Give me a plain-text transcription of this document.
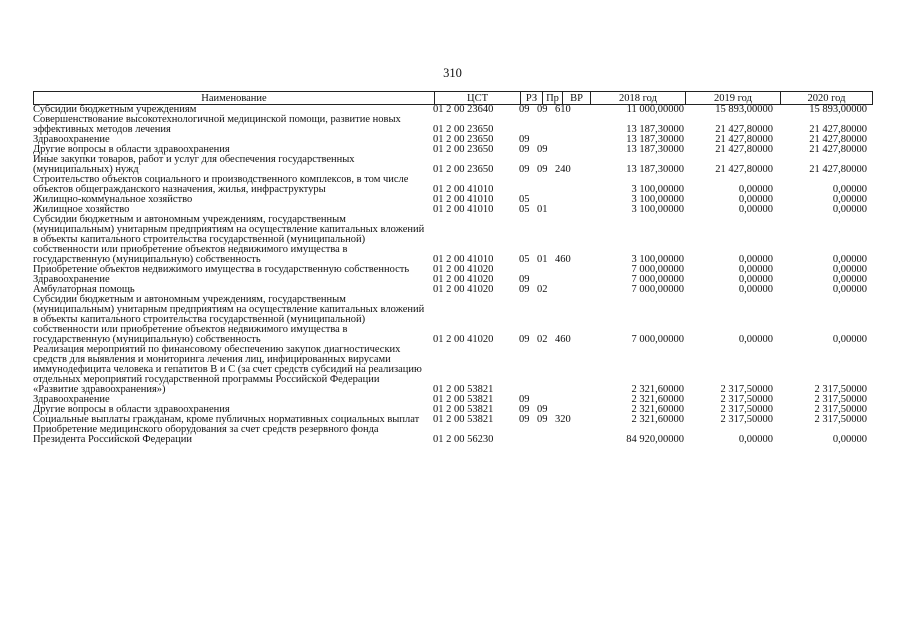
310
Наименование	ЦСТ	РЗ Пр	ВР	2018 год	2019 год	2020 год
Субсидии бюджетным учреждениям	01 2 00 23640	09 09 610	11 000,00000	15 893,00000	15 893,00000
Совершенствование высокотехнологичной медицинской помощи, развитие новых эффективных методов лечения	01 2 00 23650	13 187,30000	21 427,80000	21 427,80000
Здравоохранение	01 2 00 23650	09	13 187,30000	21 427,80000	21 427,80000
Другие вопросы в области здравоохранения	01 2 00 23650	09 09	13 187,30000	21 427,80000	21 427,80000
Иные закупки товаров, работ и услуг для обеспечения государственных (муниципальных) нужд	01 2 00 23650	09 09 240	13 187,30000	21 427,80000	21 427,80000
Строительство объектов социального и производственного комплексов, в том числе объектов общегражданского назначения, жилья, инфраструктуры	01 2 00 41010	3 100,00000	0,00000	0,00000
Жилищно-коммунальное хозяйство	01 2 00 41010	05	3 100,00000	0,00000	0,00000
Жилищное хозяйство	01 2 00 41010	05 01	3 100,00000	0,00000	0,00000
Субсидии бюджетным и автономным учреждениям, государственным (муниципальным) унитарным предприятиям на осуществление капитальных вложений в объекты капитального строительства государственной (муниципальной) собственности или приобретение объектов недвижимого имущества в государственную (муниципальную) собственность	01 2 00 41010	05 01 460	3 100,00000	0,00000	0,00000
Приобретение объектов недвижимого имущества в государственную собственность	01 2 00 41020	7 000,00000	0,00000	0,00000
Здравоохранение	01 2 00 41020	09	7 000,00000	0,00000	0,00000
Амбулаторная помощь	01 2 00 41020	09 02	7 000,00000	0,00000	0,00000
Субсидии бюджетным и автономным учреждениям, государственным (муниципальным) унитарным предприятиям на осуществление капитальных вложений в объекты капитального строительства государственной (муниципальной) собственности или приобретение объектов недвижимого имущества в государственную (муниципальную) собственность	01 2 00 41020	09 02 460	7 000,00000	0,00000	0,00000
Реализация мероприятий по финансовому обеспечению закупок диагностических средств для выявления и мониторинга лечения лиц, инфицированных вирусами иммунодефицита человека и гепатитов В и С (за счет средств субсидий на реализацию отдельных мероприятий государственной программы Российской Федерации «Развитие здравоохранения»)	01 2 00 53821	2 321,60000	2 317,50000	2 317,50000
Здравоохранение	01 2 00 53821	09	2 321,60000	2 317,50000	2 317,50000
Другие вопросы в области здравоохранения	01 2 00 53821	09 09	2 321,60000	2 317,50000	2 317,50000
Социальные выплаты гражданам, кроме публичных нормативных социальных выплат	01 2 00 53821	09 09 320	2 321,60000	2 317,50000	2 317,50000
Приобретение медицинского оборудования за счет средств резервного фонда Президента Российской Федерации	01 2 00 56230	84 920,00000	0,00000	0,00000
